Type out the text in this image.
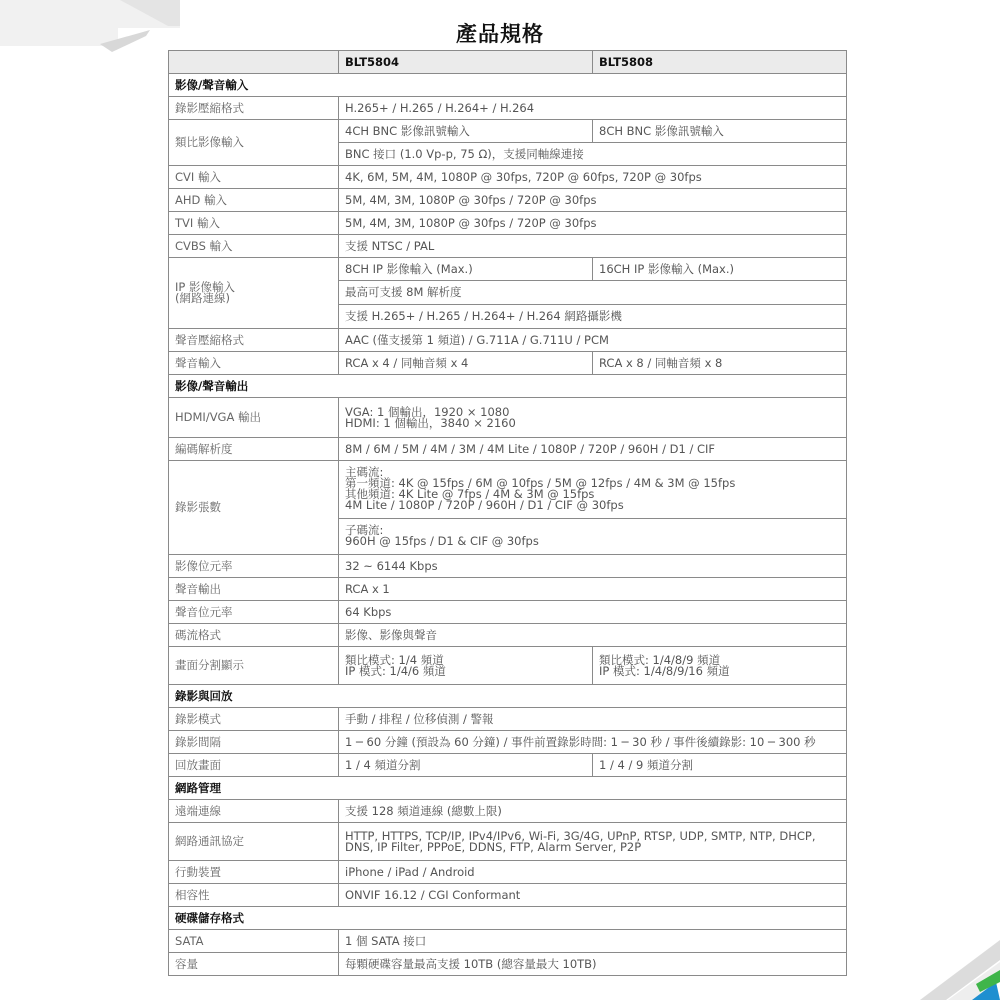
產品規格
	BLT5804	BLT5808
影像/聲音輸入		
錄影壓縮格式	H.265+ / H.265 / H.264+ / H.264	
類比影像輸入	4CH BNC 影像訊號輸入	8CH BNC 影像訊號輸入
	BNC 接口 (1.0 Vp-p, 75 Ω)，支援同軸線連接	
CVI 輸入	4K, 6M, 5M, 4M, 1080P @ 30fps, 720P @ 60fps, 720P @ 30fps	
AHD 輸入	5M, 4M, 3M, 1080P @ 30fps / 720P @ 30fps	
TVI 輸入	5M, 4M, 3M, 1080P @ 30fps / 720P @ 30fps	
CVBS 輸入	支援 NTSC / PAL	
IP 影像輸入
(網路連線)	8CH IP 影像輸入 (Max.)	16CH IP 影像輸入 (Max.)
	最高可支援 8M 解析度	
	支援 H.265+ / H.265 / H.264+ / H.264 網路攝影機	
聲音壓縮格式	AAC (僅支援第 1 頻道) / G.711A / G.711U / PCM	
聲音輸入	RCA x 4 / 同軸音頻 x 4	RCA x 8 / 同軸音頻 x 8
影像/聲音輸出		
HDMI/VGA 輸出	VGA: 1 個輸出，1920 × 1080
HDMI: 1 個輸出，3840 × 2160	
編碼解析度	8M / 6M / 5M / 4M / 3M / 4M Lite / 1080P / 720P / 960H / D1 / CIF	
錄影張數	主碼流:
第一頻道: 4K @ 15fps / 6M @ 10fps / 5M @ 12fps / 4M & 3M @ 15fps
其他頻道: 4K Lite @ 7fps / 4M & 3M @ 15fps
4M Lite / 1080P / 720P / 960H / D1 / CIF @ 30fps	
	子碼流:
960H @ 15fps / D1 & CIF @ 30fps	
影像位元率	32 ~ 6144 Kbps	
聲音輸出	RCA x 1	
聲音位元率	64 Kbps	
碼流格式	影像、影像與聲音	
畫面分割顯示	類比模式: 1/4 頻道
IP 模式: 1/4/6 頻道	類比模式: 1/4/8/9 頻道
IP 模式: 1/4/8/9/16 頻道
錄影與回放		
錄影模式	手動 / 排程 / 位移偵測 / 警報	
錄影間隔	1 ─ 60 分鐘 (預設為 60 分鐘) / 事件前置錄影時間: 1 ─ 30 秒 / 事件後續錄影: 10 ─ 300 秒	
回放畫面	1 / 4 頻道分割	1 / 4 / 9 頻道分割
網路管理		
遠端連線	支援 128 頻道連線 (總數上限)	
網路通訊協定	HTTP, HTTPS, TCP/IP, IPv4/IPv6, Wi-Fi, 3G/4G, UPnP, RTSP, UDP, SMTP, NTP, DHCP,
DNS, IP Filter, PPPoE, DDNS, FTP, Alarm Server, P2P	
行動裝置	iPhone / iPad / Android	
相容性	ONVIF 16.12 / CGI Conformant	
硬碟儲存格式		
SATA	1 個 SATA 接口	
容量	每顆硬碟容量最高支援 10TB (總容量最大 10TB)	
